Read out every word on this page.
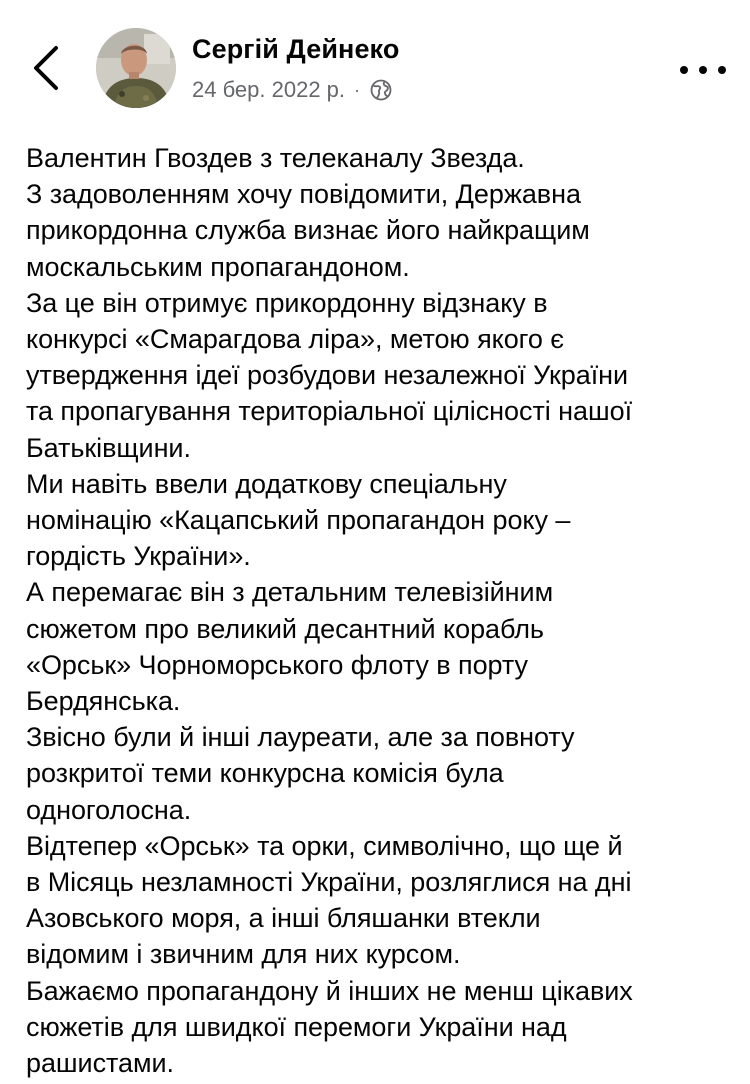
Сергій Дейнеко
24 бер. 2022 р. ·
Валентин Гвоздев з телеканалу Звезда.
З задоволенням хочу повідомити, Державна
прикордонна служба визнає його найкращим
москальським пропагандоном.
За це він отримує прикордонну відзнаку в
конкурсі «Смарагдова ліра», метою якого є
утвердження ідеї розбудови незалежної України
та пропагування територіальної цілісності нашої
Батьківщини.
Ми навіть ввели додаткову спеціальну
номінацію «Кацапський пропагандон року –
гордість України».
А перемагає він з детальним телевізійним
сюжетом про великий десантний корабль
«Орськ» Чорноморського флоту в порту
Бердянська.
Звісно були й інші лауреати, але за повноту
розкритої теми конкурсна комісія була
одноголосна.
Відтепер «Орськ» та орки, символічно, що ще й
в Місяць незламності України, розляглися на дні
Азовського моря, а інші бляшанки втекли
відомим і звичним для них курсом.
Бажаємо пропагандону й інших не менш цікавих
сюжетів для швидкої перемоги України над
рашистами.
